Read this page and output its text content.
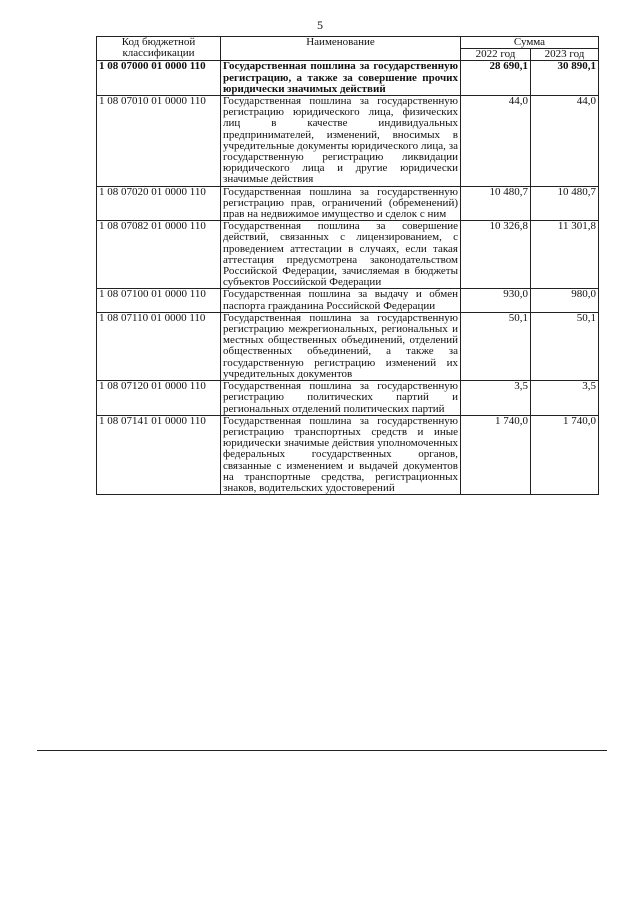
5
Код бюджетной классификации	Наименование	Сумма	
		2022 год	2023 год
1 08 07000 01 0000 110	Государственная пошлина за государственную регистрацию, а также за совершение прочих юридически значимых действий	28 690,1	30 890,1
1 08 07010 01 0000 110	Государственная пошлина за государственную регистрацию юридического лица, физических лиц в качестве индивидуальных предпринимателей, изменений, вносимых в учредительные документы юридического лица, за государственную регистрацию ликвидации юридического лица и другие юридически значимые действия	44,0	44,0
1 08 07020 01 0000 110	Государственная пошлина за государственную регистрацию прав, ограничений (обременений) прав на недвижимое имущество и сделок с ним	10 480,7	10 480,7
1 08 07082 01 0000 110	Государственная пошлина за совершение действий, связанных с лицензированием, с проведением аттестации в случаях, если такая аттестация предусмотрена законодательством Российской Федерации, зачисляемая в бюджеты субъектов Российской Федерации	10 326,8	11 301,8
1 08 07100 01 0000 110	Государственная пошлина за выдачу и обмен паспорта гражданина Российской Федерации	930,0	980,0
1 08 07110 01 0000 110	Государственная пошлина за государственную регистрацию межрегиональных, региональных и местных общественных объединений, отделений общественных объединений, а также за государственную регистрацию изменений их учредительных документов	50,1	50,1
1 08 07120 01 0000 110	Государственная пошлина за государственную регистрацию политических партий и региональных отделений политических партий	3,5	3,5
1 08 07141 01 0000 110	Государственная пошлина за государственную регистрацию транспортных средств и иные юридически значимые действия уполномоченных федеральных государственных органов, связанные с изменением и выдачей документов на транспортные средства, регистрационных знаков, водительских удостоверений	1 740,0	1 740,0
